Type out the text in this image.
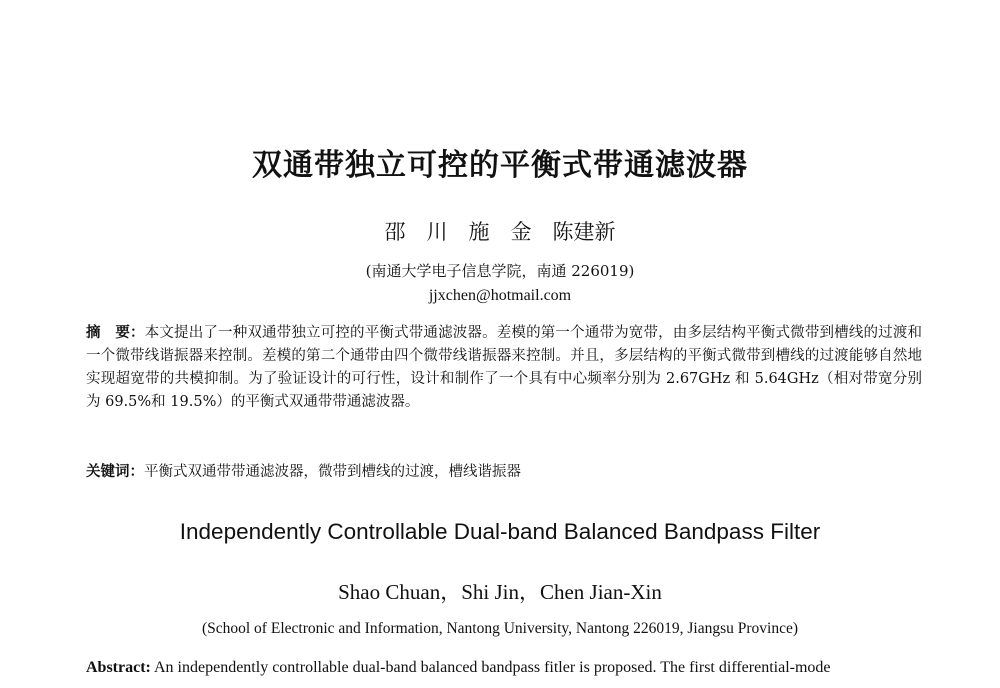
双通带独立可控的平衡式带通滤波器
邵　川　施　金　陈建新
(南通大学电子信息学院，南通 226019)
jjxchen@hotmail.com

摘　要：本文提出了一种双通带独立可控的平衡式带通滤波器。差模的第一个通带为宽带，由多层结构平衡式微带到槽线的过渡和一个微带线谐振器来控制。差模的第二个通带由四个微带线谐振器来控制。并且，多层结构的平衡式微带到槽线的过渡能够自然地实现超宽带的共模抑制。为了验证设计的可行性，设计和制作了一个具有中心频率分别为 2.67GHz 和 5.64GHz（相对带宽分别为 69.5%和 19.5%）的平衡式双通带带通滤波器。

关键词：平衡式双通带带通滤波器，微带到槽线的过渡，槽线谐振器

Independently Controllable Dual-band Balanced Bandpass Filter
Shao Chuan，Shi Jin，Chen Jian-Xin
(School of Electronic and Information, Nantong University, Nantong 226019, Jiangsu Province)

Abstract: An independently controllable dual-band balanced bandpass fitler is proposed. The first differential-mode
